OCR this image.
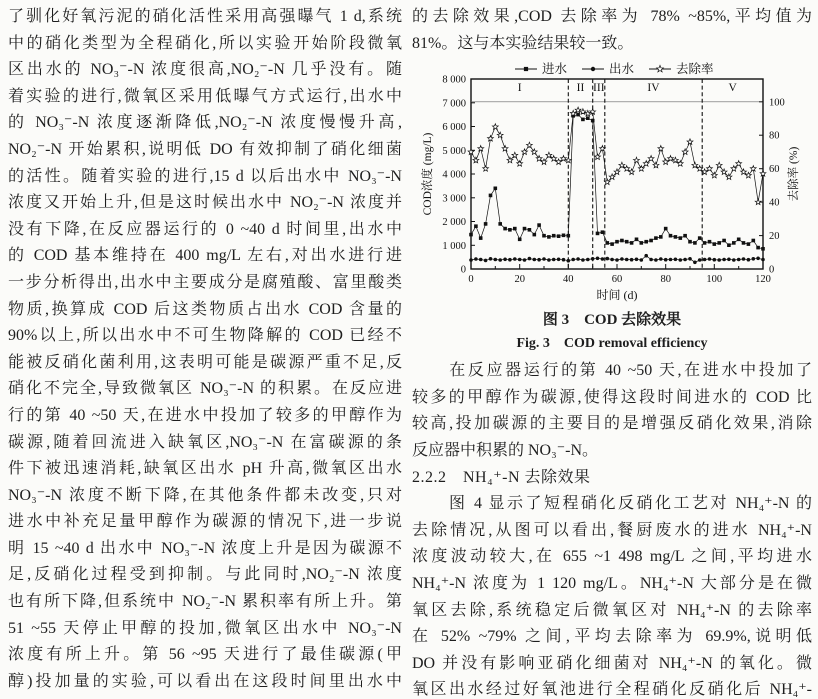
了驯化好氧污泥的硝化活性采用高强曝气 1 d,系统
中的硝化类型为全程硝化,所以实验开始阶段微氧
区出水的 NO₃⁻-N 浓度很高,NO₂⁻-N 几乎没有。随
着实验的进行,微氧区采用低曝气方式运行,出水中
的 NO₃⁻-N 浓度逐渐降低,NO₂⁻-N 浓度慢慢升高,
NO₂⁻-N 开始累积,说明低 DO 有效抑制了硝化细菌
的活性。随着实验的进行,15 d 以后出水中 NO₃⁻-N
浓度又开始上升,但是这时候出水中 NO₂⁻-N 浓度并
没有下降,在反应器运行的 0 ~40 d 时间里,出水中
的 COD 基本维持在 400 mg/L 左右,对出水进行进
一步分析得出,出水中主要成分是腐殖酸、富里酸类
物质,换算成 COD 后这类物质占出水 COD 含量的
90%以上,所以出水中不可生物降解的 COD 已经不
能被反硝化菌利用,这表明可能是碳源严重不足,反
硝化不完全,导致微氧区 NO₃⁻-N 的积累。在反应进
行的第 40 ~50 天,在进水中投加了较多的甲醇作为
碳源,随着回流进入缺氧区,NO₃⁻-N 在富碳源的条
件下被迅速消耗,缺氧区出水 pH 升高,微氧区出水
NO₃⁻-N 浓度不断下降,在其他条件都未改变,只对
进水中补充足量甲醇作为碳源的情况下,进一步说
明 15 ~40 d 出水中 NO₃⁻-N 浓度上升是因为碳源不
足,反硝化过程受到抑制。与此同时,NO₂⁻-N 浓度
也有所下降,但系统中 NO₂⁻-N 累积率有所上升。第
51 ~55 天停止甲醇的投加,微氧区出水中 NO₃⁻-N
浓度有所上升。第 56 ~95 天进行了最佳碳源(甲
醇)投加量的实验,可以看出在这段时间里出水中
的去除效果,COD 去除率为 78% ~85%,平均值为
81%。这与本实验结果较一致。
进水	出水	去除率
I	II III	IV	V
0
1 000
2 000
3 000
4 000
5 000
6 000
7 000
8 000
0
20
40
60
80
100
0	20	40	60	80	100	120
COD浓度 (mg/L)	去除率 (%)
时间 (d)
图 3　COD 去除效果
Fig. 3　COD removal efficiency
　　在反应器运行的第 40 ~50 天,在进水中投加了
较多的甲醇作为碳源,使得这段时间进水的 COD 比
较高,投加碳源的主要目的是增强反硝化效果,消除
反应器中积累的 NO₃⁻-N。
2.2.2　NH₄⁺-N 去除效果
　　图 4 显示了短程硝化反硝化工艺对 NH₄⁺-N 的
去除情况,从图可以看出,餐厨废水的进水 NH₄⁺-N
浓度波动较大,在 655 ~1 498 mg/L 之间,平均进水
NH₄⁺-N 浓度为 1 120 mg/L。NH₄⁺-N 大部分是在微
氧区去除,系统稳定后微氧区对 NH₄⁺-N 的去除率
在 52% ~79% 之间,平均去除率为 69.9%,说明低
DO 并没有影响亚硝化细菌对 NH₄⁺-N 的氧化。微
氧区出水经过好氧池进行全程硝化反硝化后 NH₄⁺-
